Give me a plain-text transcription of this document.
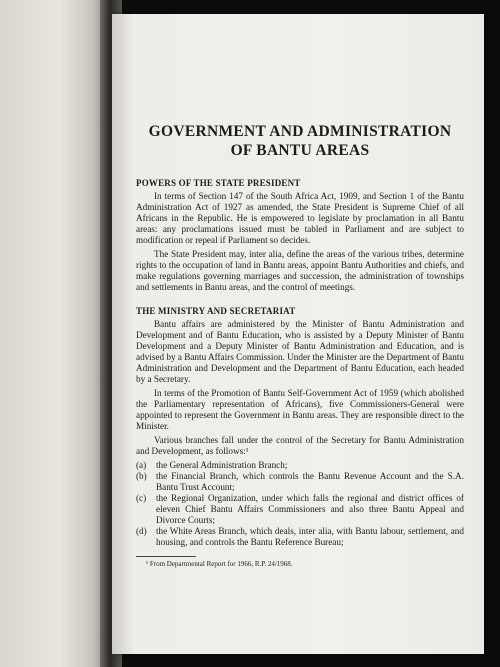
GOVERNMENT AND ADMINISTRATION
OF BANTU AREAS
POWERS OF THE STATE PRESIDENT

In terms of Section 147 of the South Africa Act, 1909, and Section 1 of the Bantu Administration Act of 1927 as amended, the State President is Supreme Chief of all Africans in the Republic. He is empowered to legislate by proclamation in all Bantu areas: any proclamations issued must be tabled in Parliament and are subject to modification or repeal if Parliament so decides.

The State President may, inter alia, define the areas of the various tribes, determine rights to the occupation of land in Bantu areas, appoint Bantu Authorities and chiefs, and make regulations governing marriages and succession, the administration of townships and settlements in Bantu areas, and the control of meetings.

THE MINISTRY AND SECRETARIAT

Bantu affairs are administered by the Minister of Bantu Administration and Development and of Bantu Education, who is assisted by a Deputy Minister of Bantu Development and a Deputy Minister of Bantu Administration and Education, and is advised by a Bantu Affairs Commission. Under the Minister are the Department of Bantu Administration and Development and the Department of Bantu Education, each headed by a Secretary.

In terms of the Promotion of Bantu Self-Government Act of 1959 (which abolished the Parliamentary representation of Africans), five Commissioners-General were appointed to represent the Government in Bantu areas. They are responsible direct to the Minister.

Various branches fall under the control of the Secretary for Bantu Administration and Development, as follows:¹

(a) the General Administration Branch;
(b) the Financial Branch, which controls the Bantu Revenue Account and the S.A. Bantu Trust Account;
(c) the Regional Organization, under which falls the regional and district offices of eleven Chief Bantu Affairs Commissioners and also three Bantu Appeal and Divorce Courts;
(d) the White Areas Branch, which deals, inter alia, with Bantu labour, settlement, and housing, and controls the Bantu Reference Bureau;

¹ From Departmental Report for 1966, R.P. 24/1968.
